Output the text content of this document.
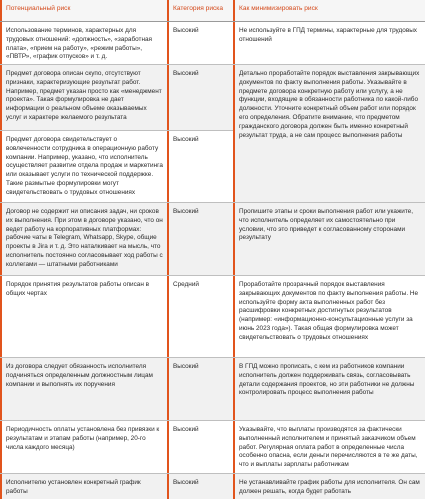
Потенциальный риск	Категория риска	Как минимизировать риск
Использование терминов, характерных для трудовых отношений: «должность», «заработная плата», «прием на работу», «режим работы», «ПВТР», «график отпусков» и т. д.
Высокий	Не используйте в ГПД термины, характерные для трудовых отношений
Предмет договора описан скупо, отсутствуют признаки, характеризующие результат работ. Например, предмет указан просто как «менеджмент проекта». Такая формулировка не дает информации о реальном объеме оказываемых услуг и характере желаемого результата
Высокий	Детально проработайте порядок выставления закрывающих документов по факту выполнения работы. Указывайте в предмете договора конкретную работу или услугу, а не функции, входящие в обязанности работника по какой-либо должности. Уточните конкретный объем работ или порядок его определения. Обратите внимание, что предметом гражданского договора должен быть именно конкретный результат труда, а не сам процесс выполнения работы
Предмет договора свидетельствует о вовлеченности сотрудника в операционную работу компании. Например, указано, что исполнитель осуществляет развитие отдела продаж и маркетинга или оказывает услуги по технической поддержке. Такие размытые формулировки могут свидетельствовать о трудовых отношениях
Высокий
Договор не содержит ни описания задач, ни сроков их выполнения. При этом в договоре указано, что он ведет работу на корпоративных платформах: рабочие чаты в Telegram, Whatsapp, Skype, общие проекты в Jira и т. д. Это наталкивает на мысль, что исполнитель постоянно согласовывает ход работы с коллегами — штатными работниками
Высокий	Пропишите этапы и сроки выполнения работ или укажите, что исполнитель определяет их самостоятельно при условии, что это приведет к согласованному сторонами результату
Порядок принятия результатов работы описан в общих чертах
Средний	Проработайте прозрачный порядок выставления закрывающих документов по факту выполнения работы. Не используйте форму акта выполненных работ без расшифровки конкретных достигнутых результатов (например: «информационно-консультационные услуги за июнь 2023 года»). Такая общая формулировка может свидетельствовать о трудовых отношениях
Из договора следует обязанность исполнителя подчиняться определенным должностным лицам компании и выполнять их поручения
Высокий	В ГПД можно прописать, с кем из работников компании исполнитель должен поддерживать связь, согласовывать детали содержания проектов, но эти работники не должны контролировать процесс выполнения работы
Периодичность оплаты установлена без привязки к результатам и этапам работы (например, 20-го числа каждого месяца)
Высокий	Указывайте, что выплаты производятся за фактически выполненный исполнителем и принятый заказчиком объем работ. Регулярная оплата работ в определенные числа особенно опасна, если деньги перечисляются в те же даты, что и выплаты зарплаты работникам
Исполнителю установлен конкретный график работы
Высокий	Не устанавливайте график работы для исполнителя. Он сам должен решать, когда будет работать
